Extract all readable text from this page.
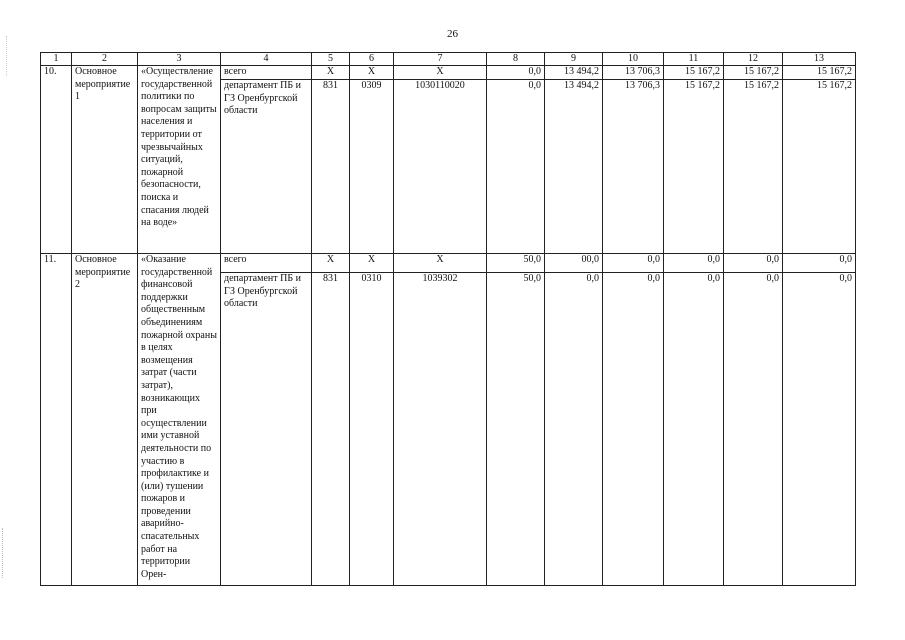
26
1	2	3	4	5	6	7	8	9	10	11	12	13
10.	Основное мероприятие 1	«Осуществление государственной политики по вопросам защиты населения и территории от чрезвычайных ситуаций, пожарной безопасности, поиска и спасания людей на воде»	всего	Х	Х	Х	0,0	13 494,2	13 706,3	15 167,2	15 167,2	15 167,2
			департамент ПБ и ГЗ Оренбургской области	831	0309	1030110020	0,0	13 494,2	13 706,3	15 167,2	15 167,2	15 167,2
11.	Основное мероприятие 2	«Оказание государственной финансовой поддержки общественным объединениям пожарной охраны в целях возмещения затрат (части затрат), возникающих при осуществлении ими уставной деятельности по участию в профилактике и (или) тушении пожаров и проведении аварийно-спасательных работ на территории Орен-	всего	Х	Х	Х	50,0	00,0	0,0	0,0	0,0	0,0
			департамент ПБ и ГЗ Оренбургской области	831	0310	1039302	50,0	0,0	0,0	0,0	0,0	0,0
